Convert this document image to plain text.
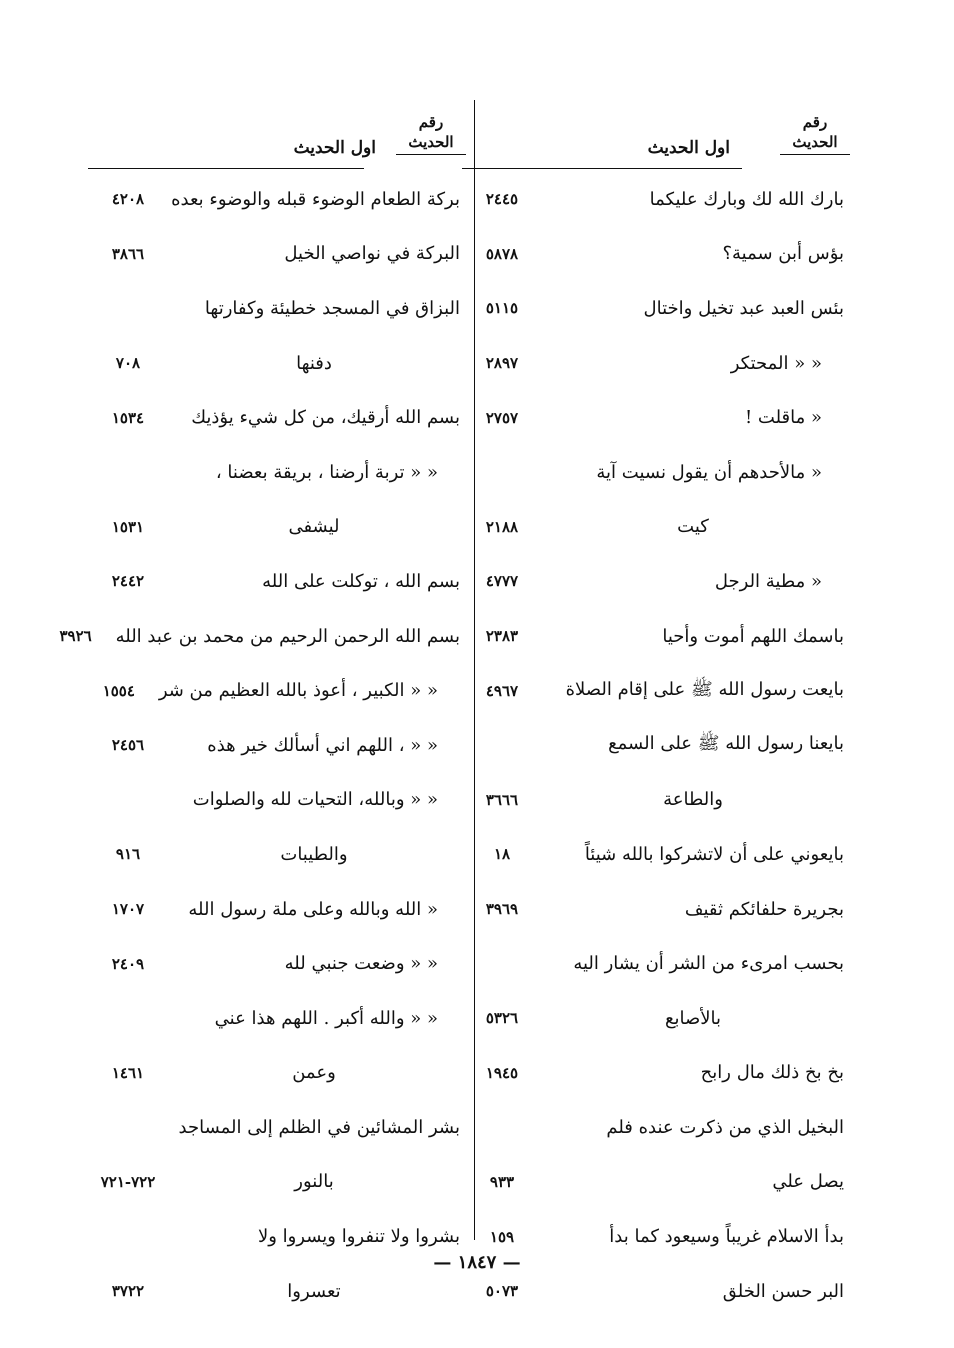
رقم
الحديث
اول الحديث
بارك الله لك وبارك عليكما
٢٤٤٥
بؤس أبن سمية؟
٥٨٧٨
بئس العبد عبد تخيل واختال
٥١١٥
« « المحتكر
٢٨٩٧
« ماقلت !
٢٧٥٧
« مالأحدهم أن يقول نسيت آية
كيت
٢١٨٨
« مطية الرجل
٤٧٧٧
باسمك اللهم أموت وأحيا
٢٣٨٣
بايعت رسول الله ﷺ على إقام الصلاة
٤٩٦٧
بايعنا رسول الله ﷺ على السمع
والطاعة
٣٦٦٦
بايعوني على أن لاتشركوا بالله شيئاً
١٨
بجريرة حلفائكم ثقيف
٣٩٦٩
بحسب امرىء من الشر أن يشار اليه
بالأصابع
٥٣٢٦
بخ بخ ذلك مال رابح
١٩٤٥
البخيل الذي من ذكرت عنده فلم
يصل علي
٩٣٣
بدأ الاسلام غريباً وسيعود كما بدأ
١٥٩
البر حسن الخلق
٥٠٧٣
رقم
الحديث
اول الحديث
بركة الطعام الوضوء قبله والوضوء بعده
٤٢٠٨
البركة في نواصي الخيل
٣٨٦٦
البزاق في المسجد خطيئة وكفارتها
دفنها
٧٠٨
بسم الله أرقيك، من كل شيء يؤذيك
١٥٣٤
« « تربة أرضنا ، بريقة بعضنا ،
ليشفى
١٥٣١
بسم الله ، توكلت على الله
٢٤٤٢
بسم الله الرحمن الرحيم من محمد بن عبد الله
٣٩٢٦
« « الكبير ، أعوذ بالله العظيم من شر
١٥٥٤
« « ، اللهم اني أسألك خير هذه
٢٤٥٦
« « وبالله، التحيات لله والصلوات
والطيبات
٩١٦
« الله وبالله وعلى ملة رسول الله
١٧٠٧
« « وضعت جنبي لله
٢٤٠٩
« « والله أكبر . اللهم هذا عني
وعمن
١٤٦١
بشر المشائين في الظلم إلى المساجد
بالنور
٧٢٢-٧٢١
بشروا ولا تنفروا ويسروا ولا
تعسروا
٣٧٢٢
— ١٨٤٧ —
